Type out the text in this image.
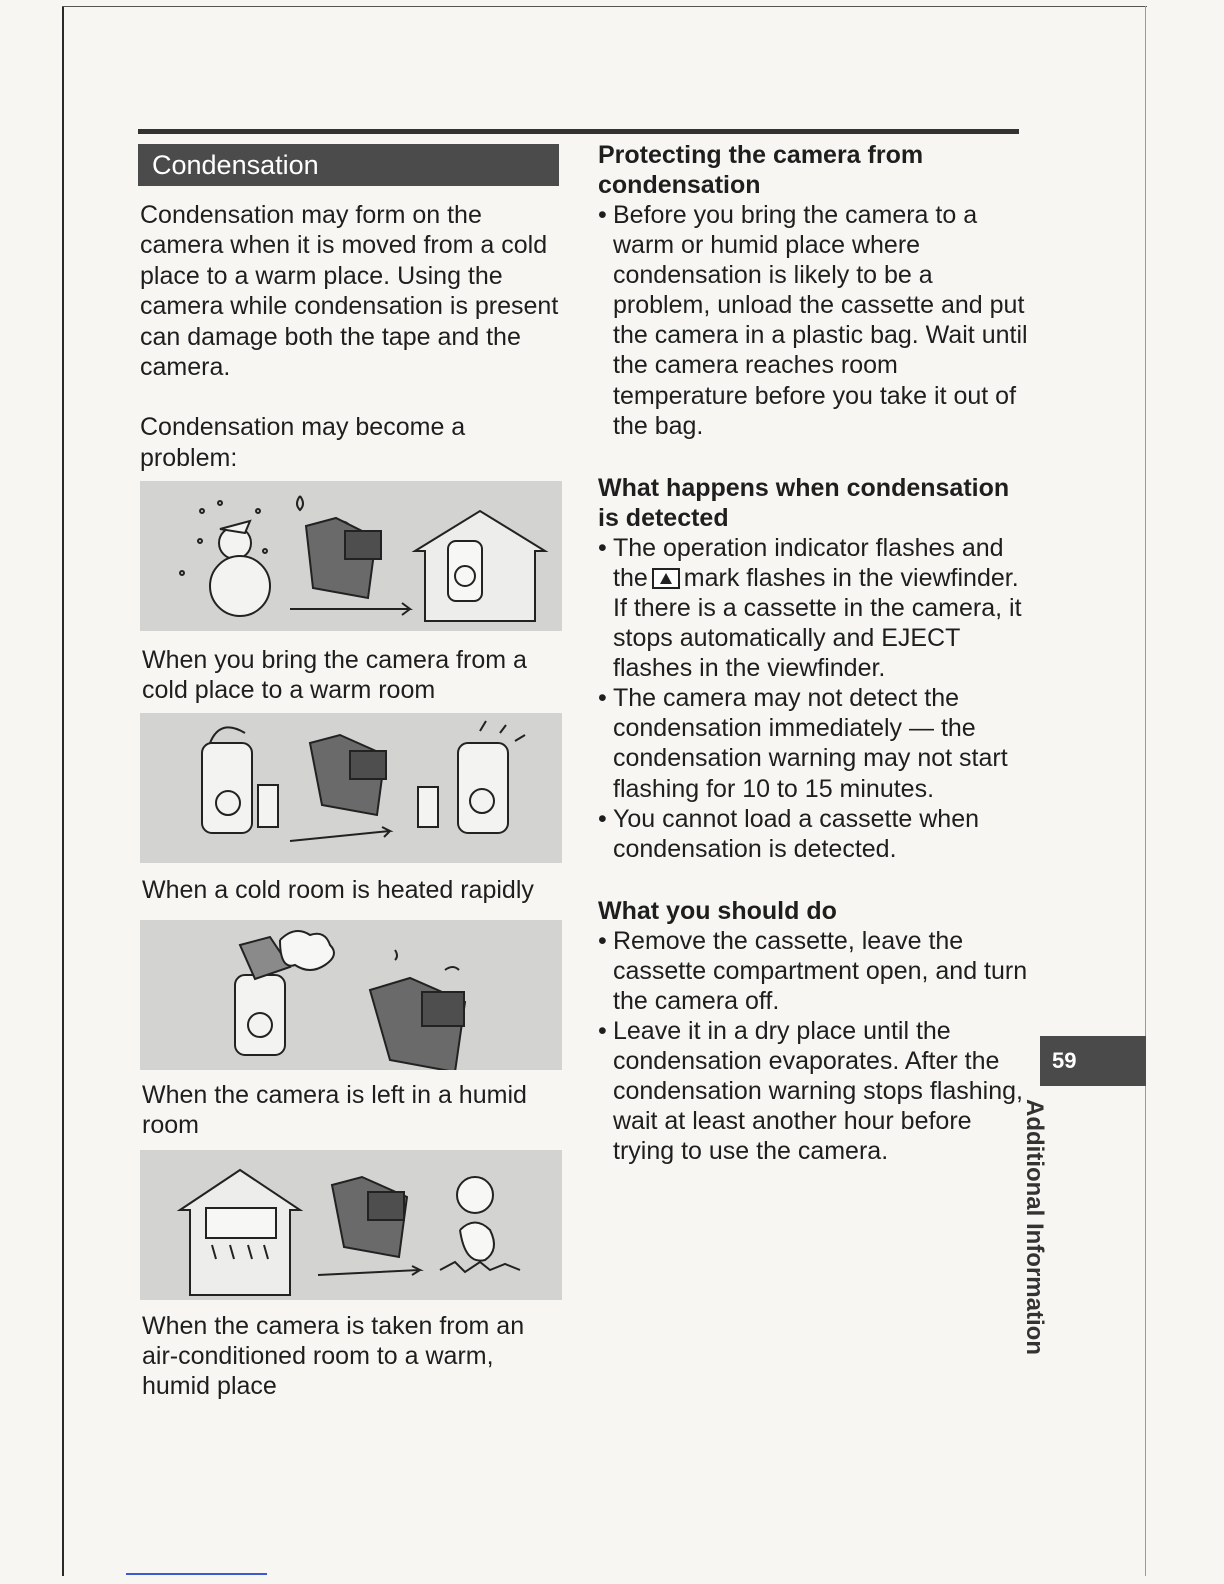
Condensation

Condensation may form on the camera when it is moved from a cold place to a warm place. Using the camera while condensation is present can damage both the tape and the camera.

Condensation may become a problem:

When you bring the camera from a cold place to a warm room

When a cold room is heated rapidly

When the camera is left in a humid room

When the camera is taken from an air-conditioned room to a warm, humid place

Protecting the camera from condensation
• Before you bring the camera to a warm or humid place where condensation is likely to be a problem, unload the cassette and put the camera in a plastic bag. Wait until the camera reaches room temperature before you take it out of the bag.
What happens when condensation is detected
• The operation indicator flashes and the mark flashes in the viewfinder. If there is a cassette in the camera, it stops automatically and EJECT flashes in the viewfinder.
• The camera may not detect the condensation immediately — the condensation warning may not start flashing for 10 to 15 minutes.
• You cannot load a cassette when condensation is detected.
What you should do
• Remove the cassette, leave the cassette compartment open, and turn the camera off.
• Leave it in a dry place until the condensation evaporates. After the condensation warning stops flashing, wait at least another hour before trying to use the camera.
59
Additional Information
